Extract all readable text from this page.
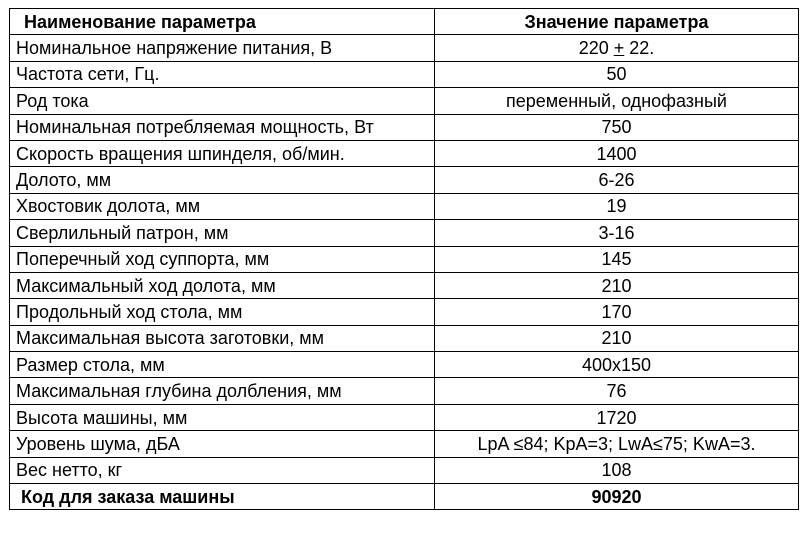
Наименование параметра	Значение параметра
Номинальное напряжение питания, В	220 + 22.
Частота сети, Гц.	50
Род тока	переменный, однофазный
Номинальная потребляемая мощность, Вт	750
Скорость вращения шпинделя, об/мин.	1400
Долото, мм	6-26
Хвостовик долота, мм	19
Сверлильный патрон, мм	3-16
Поперечный ход суппорта, мм	145
Максимальный ход долота, мм	210
Продольный ход стола, мм	170
Максимальная высота заготовки, мм	210
Размер стола, мм	400x150
Максимальная глубина долбления, мм	76
Высота машины, мм	1720
Уровень шума, дБА	LpA ≤84; KpA=3; LwA≤75; KwA=3.
Вес нетто, кг	108
Код для заказа машины	90920
